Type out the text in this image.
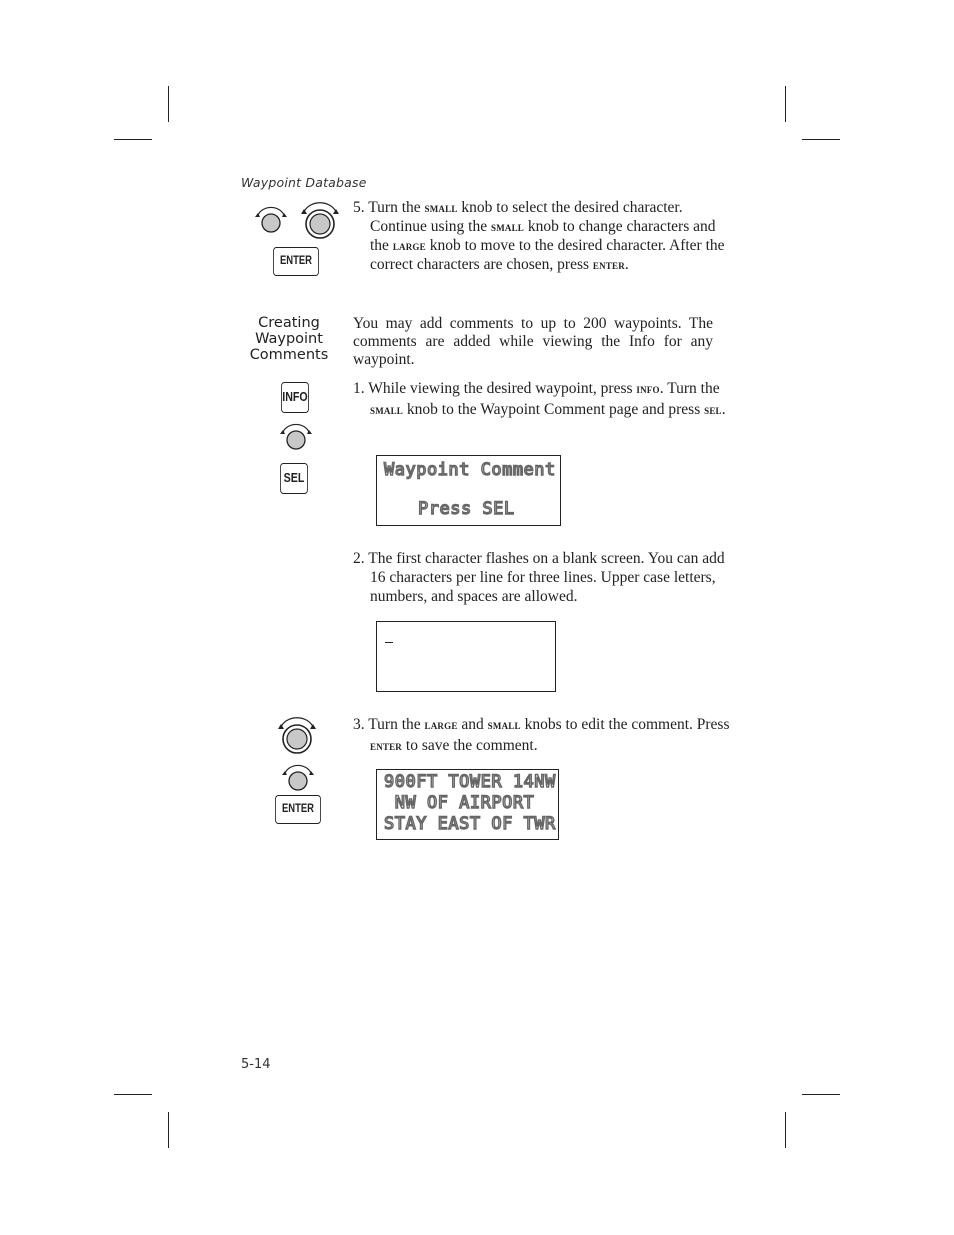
Waypoint Database
ENTER
5. Turn the small knob to select the desired character. Continue using the small knob to change characters and the large knob to move to the desired character. After the correct characters are chosen, press enter.
Creating
Waypoint
Comments
You may add comments to up to 200 waypoints. The comments are added while viewing the Info for any waypoint.
INFO
SEL
1. While viewing the desired waypoint, press info. Turn the small knob to the Waypoint Comment page and press sel.
Waypoint Comment
Press SEL
2. The first character flashes on a blank screen. You can add 16 characters per line for three lines. Upper case letters, numbers, and spaces are allowed.
ENTER
3. Turn the large and small knobs to edit the comment. Press enter to save the comment.
900FT TOWER 14NW
NW OF AIRPORT
STAY EAST OF TWR
5-14
